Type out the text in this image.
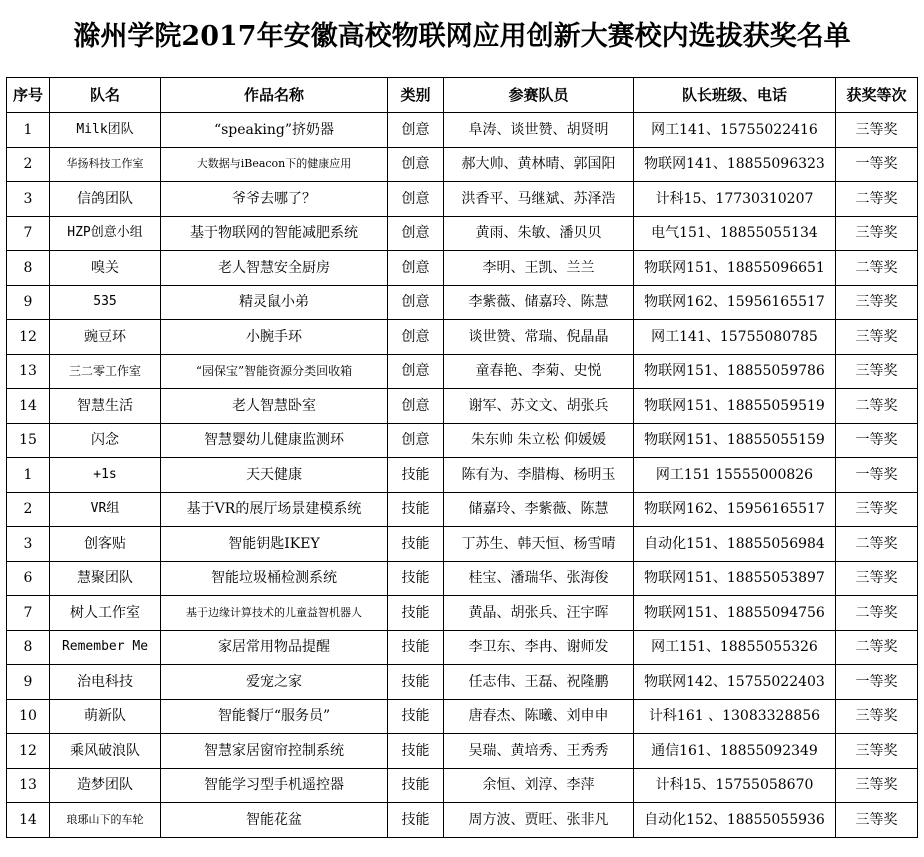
滁州学院2017年安徽高校物联网应用创新大赛校内选拔获奖名单
序号	队名	作品名称	类别	参赛队员	队长班级、电话	获奖等次
1	Milk团队	“speaking”挤奶器	创意	阜涛、谈世赞、胡贤明	网工141、15755022416	三等奖
2	华扬科技工作室	大数据与iBeacon下的健康应用	创意	郝大帅、黄林晴、郭国阳	物联网141、18855096323	一等奖
3	信鸽团队	爷爷去哪了？	创意	洪香平、马继斌、苏泽浩	计科15、17730310207	二等奖
7	HZP创意小组	基于物联网的智能减肥系统	创意	黄雨、朱敏、潘贝贝	电气151、18855055134	三等奖
8	嗅关	老人智慧安全厨房	创意	李明、王凯、兰兰	物联网151、18855096651	二等奖
9	535	精灵鼠小弟	创意	李紫薇、储嘉玲、陈慧	物联网162、15956165517	三等奖
12	豌豆环	小腕手环	创意	谈世赞、常瑞、倪晶晶	网工141、15755080785	三等奖
13	三二零工作室	“园保宝”智能资源分类回收箱	创意	童春艳、李菊、史悦	物联网151、18855059786	三等奖
14	智慧生活	老人智慧卧室	创意	谢军、苏文文、胡张兵	物联网151、18855059519	二等奖
15	闪念	智慧婴幼儿健康监测环	创意	朱东帅 朱立松 仰媛媛	物联网151、18855055159	一等奖
1	+1s	天天健康	技能	陈有为、李腊梅、杨明玉	网工151 15555000826	一等奖
2	VR组	基于VR的展厅场景建模系统	技能	储嘉玲、李紫薇、陈慧	物联网162、15956165517	三等奖
3	创客贴	智能钥匙IKEY	技能	丁苏生、韩天恒、杨雪晴	自动化151、18855056984	二等奖
6	慧聚团队	智能垃圾桶检测系统	技能	桂宝、潘瑞华、张海俊	物联网151、18855053897	三等奖
7	树人工作室	基于边缘计算技术的儿童益智机器人	技能	黄晶、胡张兵、汪宇晖	物联网151、18855094756	二等奖
8	Remember Me	家居常用物品提醒	技能	李卫东、李冉、谢师发	网工151、18855055326	二等奖
9	治电科技	爱宠之家	技能	任志伟、王磊、祝隆鹏	物联网142、15755022403	一等奖
10	萌新队	智能餐厅“服务员”	技能	唐春杰、陈曦、刘申申	计科161 、13083328856	三等奖
12	乘风破浪队	智慧家居窗帘控制系统	技能	吴瑞、黄培秀、王秀秀	通信161、18855092349	三等奖
13	造梦团队	智能学习型手机遥控器	技能	余恒、刘淳、李萍	计科15、15755058670	三等奖
14	琅琊山下的车轮	智能花盆	技能	周方波、贾旺、张非凡	自动化152、18855055936	三等奖
